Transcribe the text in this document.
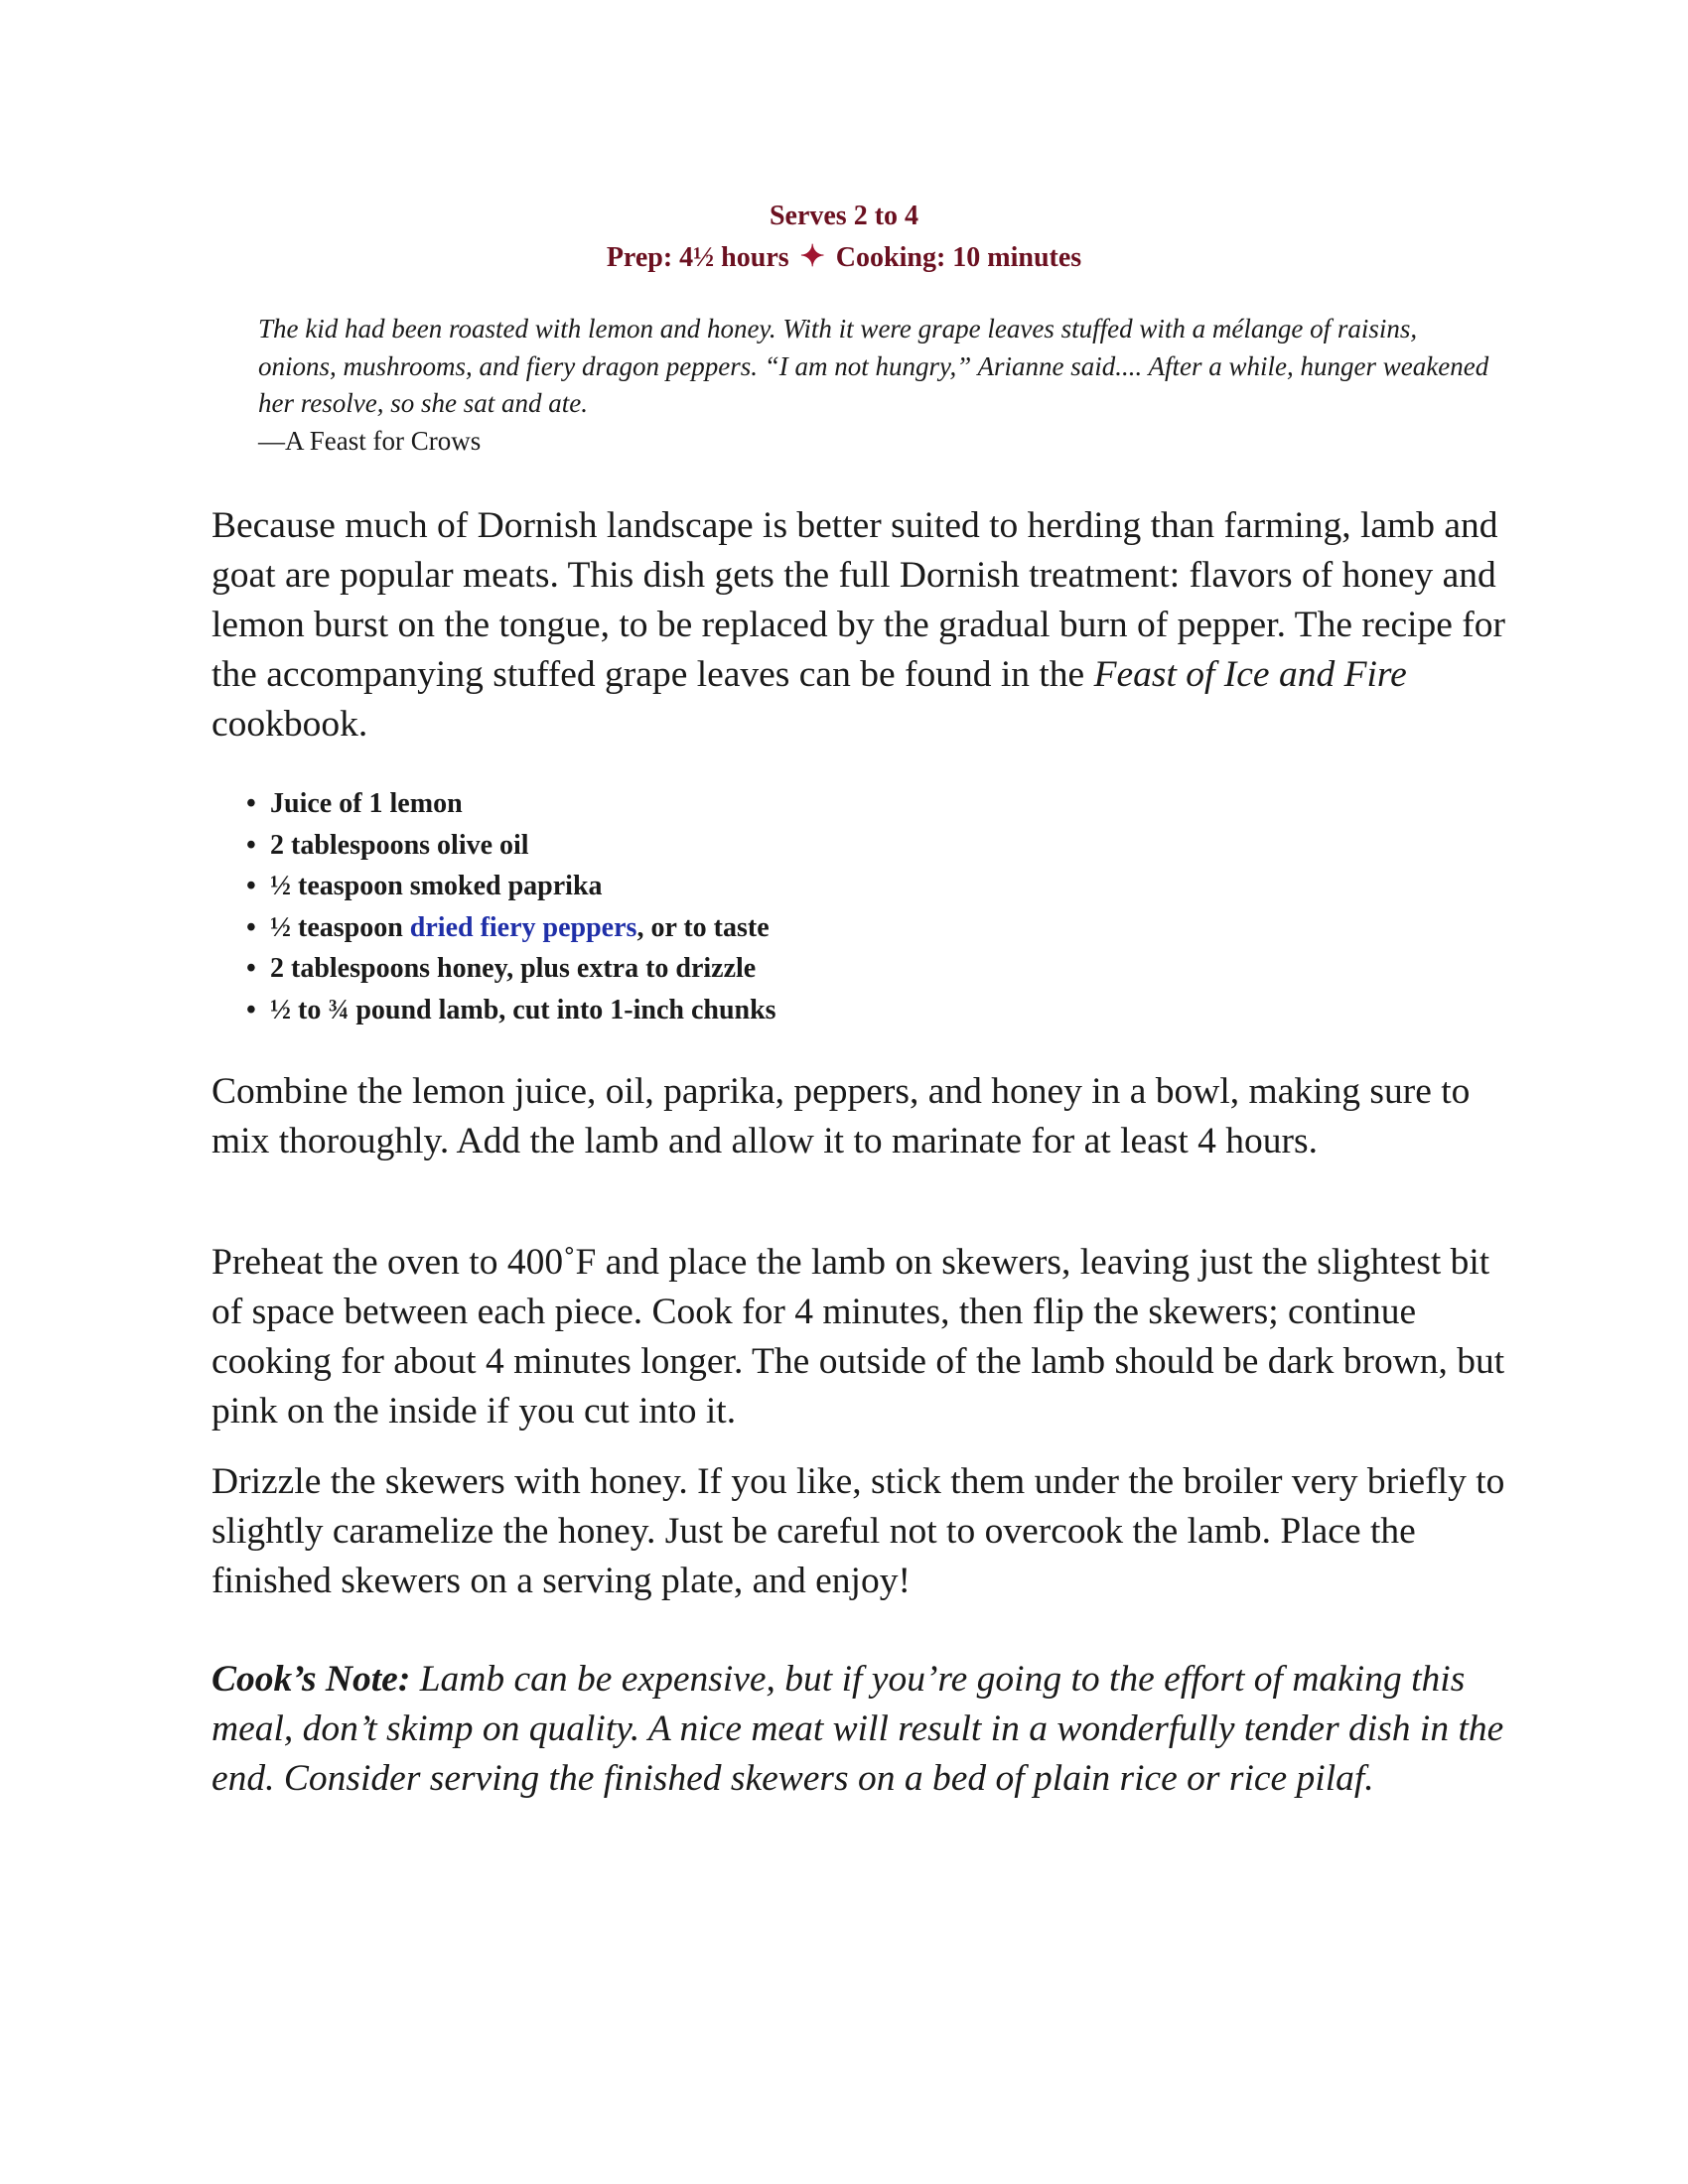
Serves 2 to 4
Prep: 4½ hours ✦ Cooking: 10 minutes

The kid had been roasted with lemon and honey. With it were grape leaves stuffed with a mélange of raisins, onions, mushrooms, and fiery dragon peppers. “I am not hungry,” Arianne said.... After a while, hunger weakened her resolve, so she sat and ate.

—A Feast for Crows

Because much of Dornish landscape is better suited to herding than farming, lamb and goat are popular meats. This dish gets the full Dornish treatment: flavors of honey and lemon burst on the tongue, to be replaced by the gradual burn of pepper. The recipe for the accompanying stuffed grape leaves can be found in the Feast of Ice and Fire cookbook.

• Juice of 1 lemon
• 2 tablespoons olive oil
• ½ teaspoon smoked paprika
• ½ teaspoon dried fiery peppers, or to taste
• 2 tablespoons honey, plus extra to drizzle
• ½ to ¾ pound lamb, cut into 1-inch chunks

Combine the lemon juice, oil, paprika, peppers, and honey in a bowl, making sure to mix thoroughly. Add the lamb and allow it to marinate for at least 4 hours.

Preheat the oven to 400˚F and place the lamb on skewers, leaving just the slightest bit of space between each piece. Cook for 4 minutes, then flip the skewers; continue cooking for about 4 minutes longer. The outside of the lamb should be dark brown, but pink on the inside if you cut into it.

Drizzle the skewers with honey. If you like, stick them under the broiler very briefly to slightly caramelize the honey. Just be careful not to overcook the lamb. Place the finished skewers on a serving plate, and enjoy!

Cook’s Note: Lamb can be expensive, but if you’re going to the effort of making this meal, don’t skimp on quality. A nice meat will result in a wonderfully tender dish in the end. Consider serving the finished skewers on a bed of plain rice or rice pilaf.
